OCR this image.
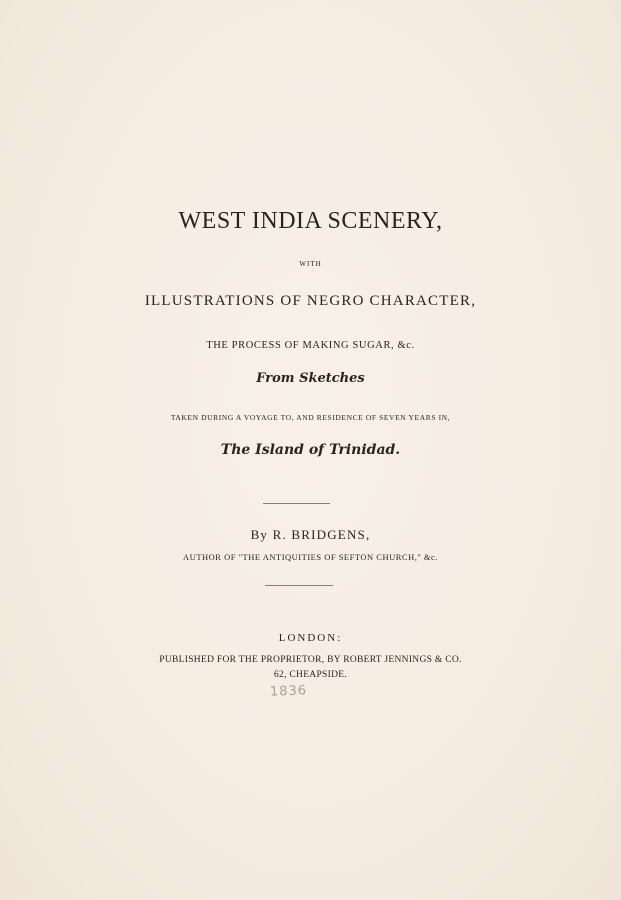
WEST INDIA SCENERY,
WITH
ILLUSTRATIONS OF NEGRO CHARACTER,
THE PROCESS OF MAKING SUGAR, &c.
From Sketches
TAKEN DURING A VOYAGE TO, AND RESIDENCE OF SEVEN YEARS IN,
The Island of Trinidad.
By R. BRIDGENS,
AUTHOR OF "THE ANTIQUITIES OF SEFTON CHURCH," &c.
LONDON:
PUBLISHED FOR THE PROPRIETOR, BY ROBERT JENNINGS & CO.
62, CHEAPSIDE.
1836
